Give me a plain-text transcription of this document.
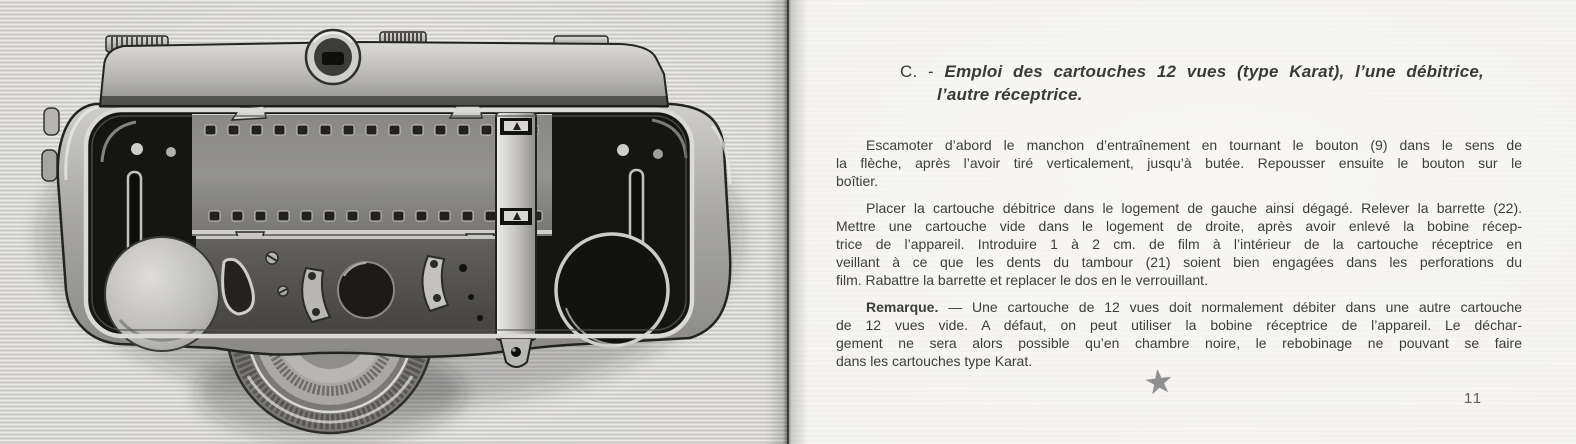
C. - Emploi des cartouches 12 vues (type Karat), l’une débitrice,
l’autre réceptrice.
Escamoter d’abord le manchon d’entraînement en tournant le bouton (9) dans le sens de
la flèche, après l’avoir tiré verticalement, jusqu’à butée. Repousser ensuite le bouton sur le
boîtier.
Placer la cartouche débitrice dans le logement de gauche ainsi dégagé. Relever la barrette (22).
Mettre une cartouche vide dans le logement de droite, après avoir enlevé la bobine récep-
trice de l’appareil. Introduire 1 à 2 cm. de film à l’intérieur de la cartouche réceptrice en
veillant à ce que les dents du tambour (21) soient bien engagées dans les perforations du
film. Rabattre la barrette et replacer le dos en le verrouillant.
Remarque. — Une cartouche de 12 vues doit normalement débiter dans une autre cartouche
de 12 vues vide. A défaut, on peut utiliser la bobine réceptrice de l’appareil. Le déchar-
gement ne sera alors possible qu’en chambre noire, le rebobinage ne pouvant se faire
dans les cartouches type Karat.
★	11
